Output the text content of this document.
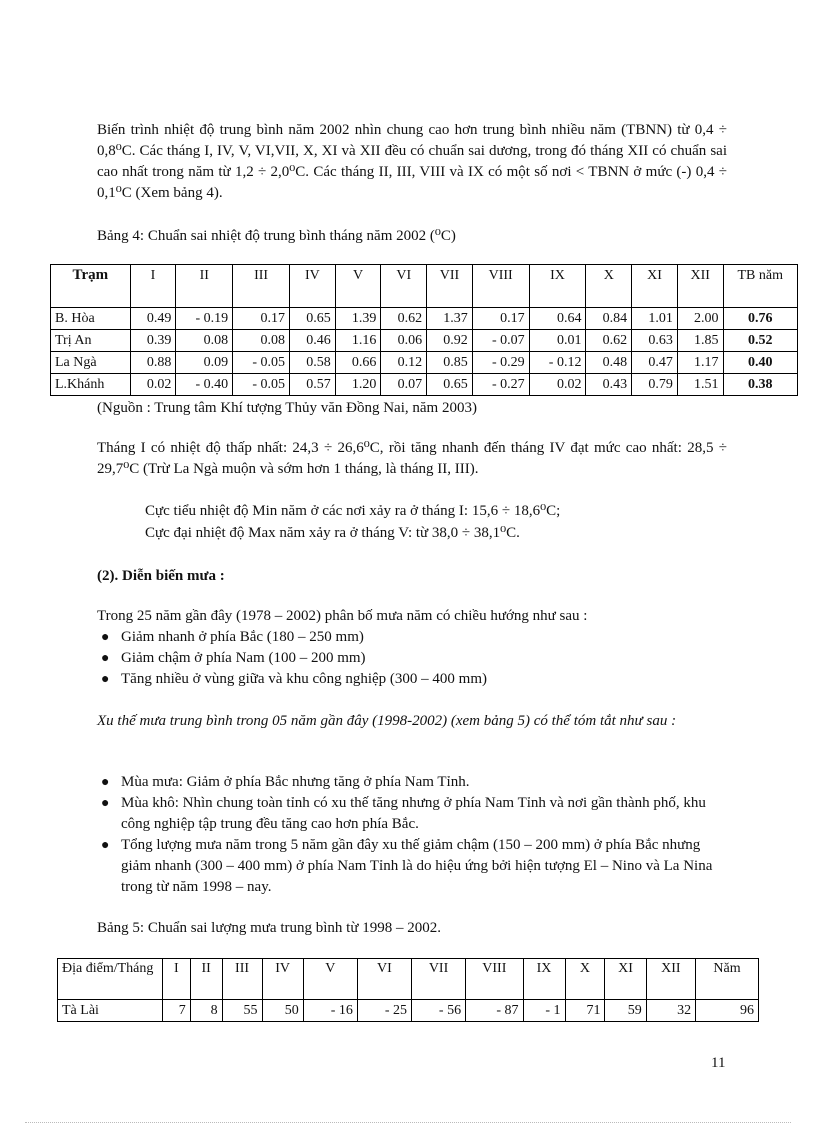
Biến trình nhiệt độ trung bình năm 2002 nhìn chung cao hơn trung bình nhiều năm (TBNN) từ 0,4 ÷ 0,8⁰C. Các tháng I, IV, V, VI,VII, X, XI và XII đều có chuẩn sai dương, trong đó tháng XII có chuẩn sai cao nhất trong năm từ 1,2 ÷ 2,0⁰C. Các tháng II, III, VIII và IX có một số nơi < TBNN ở mức (-) 0,4 ÷ 0,1⁰C (Xem bảng 4).

Bảng 4: Chuẩn sai nhiệt độ trung bình tháng năm 2002 (⁰C)

Trạm	I	II	III	IV	V	VI	VII	VIII	IX	X	XI	XII	TB năm
B. Hòa	0.49	- 0.19	0.17	0.65	1.39	0.62	1.37	0.17	0.64	0.84	1.01	2.00	0.76
Trị An	0.39	0.08	0.08	0.46	1.16	0.06	0.92	- 0.07	0.01	0.62	0.63	1.85	0.52
La Ngà	0.88	0.09	- 0.05	0.58	0.66	0.12	0.85	- 0.29	- 0.12	0.48	0.47	1.17	0.40
L.Khánh	0.02	- 0.40	- 0.05	0.57	1.20	0.07	0.65	- 0.27	0.02	0.43	0.79	1.51	0.38

(Nguồn : Trung tâm Khí tượng Thủy văn Đồng Nai, năm 2003)

Tháng I có nhiệt độ thấp nhất: 24,3 ÷ 26,6⁰C, rồi tăng nhanh đến tháng IV đạt mức cao nhất: 28,5 ÷ 29,7⁰C (Trừ La Ngà muộn và sớm hơn 1 tháng, là tháng II, III).

Cực tiểu nhiệt độ Min năm ở các nơi xảy ra ở tháng I: 15,6 ÷ 18,6⁰C;

Cực đại nhiệt độ Max năm xảy ra ở tháng V: từ 38,0 ÷ 38,1⁰C.

(2). Diễn biến mưa :

Trong 25 năm gần đây (1978 – 2002) phân bố mưa năm có chiều hướng như sau :

● Giảm nhanh ở phía Bắc (180 – 250 mm)
● Giảm chậm ở phía Nam (100 – 200 mm)
● Tăng nhiều ở vùng giữa và khu công nghiệp (300 – 400 mm)

Xu thế mưa trung bình trong 05 năm gần đây (1998-2002) (xem bảng 5) có thể tóm tắt như sau :

● Mùa mưa: Giảm ở phía Bắc nhưng tăng ở phía Nam Tỉnh.
● Mùa khô: Nhìn chung toàn tỉnh có xu thế tăng nhưng ở phía Nam Tỉnh và nơi gần thành phố, khu công nghiệp tập trung đều tăng cao hơn phía Bắc.
● Tổng lượng mưa năm trong 5 năm gần đây xu thế giảm chậm (150 – 200 mm) ở phía Bắc nhưng giảm nhanh (300 – 400 mm) ở phía Nam Tỉnh là do hiệu ứng bởi hiện tượng El – Nino và La Nina trong từ năm 1998 – nay.

Bảng 5: Chuẩn sai lượng mưa trung bình từ 1998 – 2002.

Địa điểm/Tháng	I	II	III	IV	V	VI	VII	VIII	IX	X	XI	XII	Năm
Tà Lài	7	8	55	50	- 16	- 25	- 56	- 87	- 1	71	59	32	96

11
